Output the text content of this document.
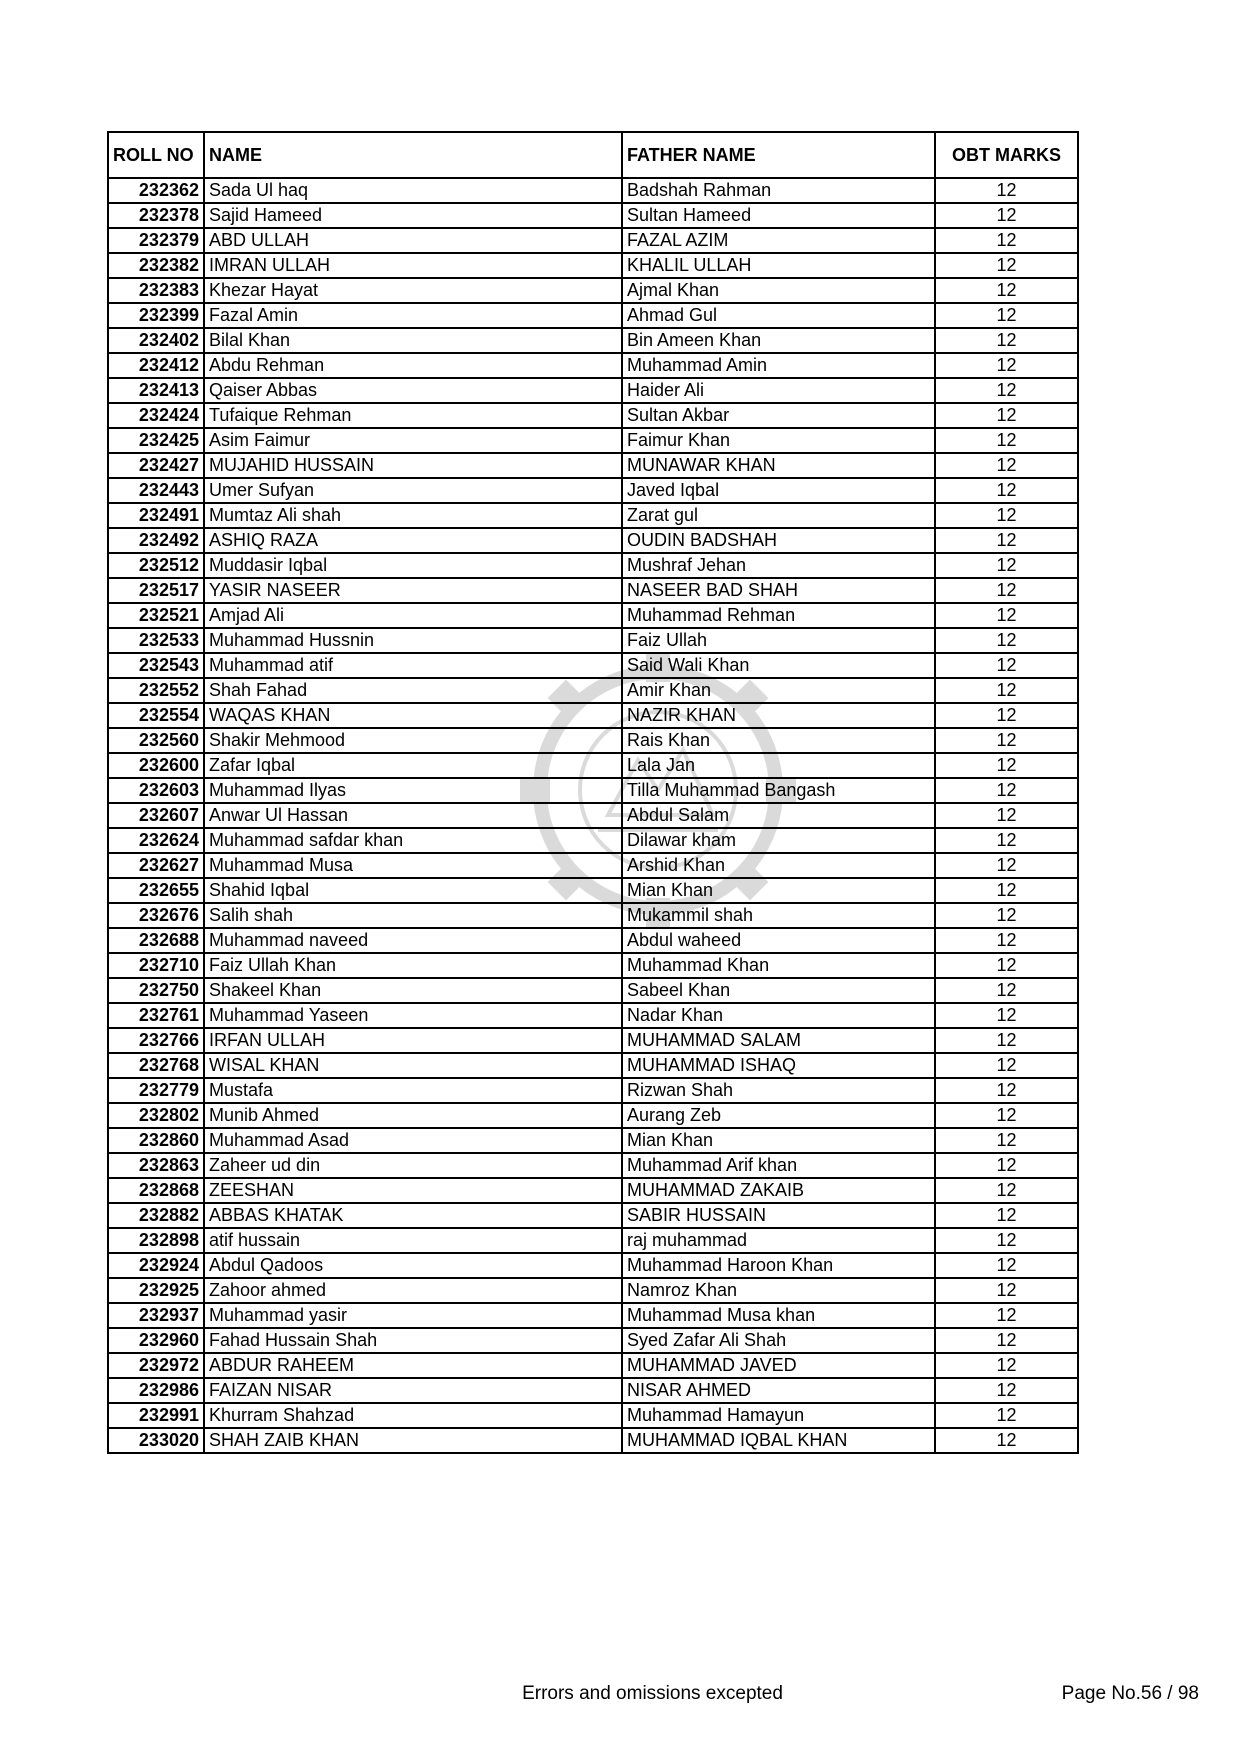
ROLL NO	NAME	FATHER NAME	OBT MARKS
232362	Sada Ul haq	Badshah Rahman	12
232378	Sajid Hameed	Sultan Hameed	12
232379	ABD ULLAH	FAZAL AZIM	12
232382	IMRAN ULLAH	KHALIL ULLAH	12
232383	Khezar Hayat	Ajmal Khan	12
232399	Fazal Amin	Ahmad Gul	12
232402	Bilal Khan	Bin Ameen Khan	12
232412	Abdu Rehman	Muhammad Amin	12
232413	Qaiser Abbas	Haider Ali	12
232424	Tufaique Rehman	Sultan Akbar	12
232425	Asim Faimur	Faimur Khan	12
232427	MUJAHID HUSSAIN	MUNAWAR KHAN	12
232443	Umer Sufyan	Javed Iqbal	12
232491	Mumtaz Ali shah	Zarat gul	12
232492	ASHIQ RAZA	OUDIN BADSHAH	12
232512	Muddasir Iqbal	Mushraf Jehan	12
232517	YASIR NASEER	NASEER BAD SHAH	12
232521	Amjad Ali	Muhammad Rehman	12
232533	Muhammad Hussnin	Faiz Ullah	12
232543	Muhammad atif	Said Wali Khan	12
232552	Shah Fahad	Amir Khan	12
232554	WAQAS KHAN	NAZIR KHAN	12
232560	Shakir Mehmood	Rais Khan	12
232600	Zafar Iqbal	Lala Jan	12
232603	Muhammad Ilyas	Tilla Muhammad Bangash	12
232607	Anwar Ul Hassan	Abdul Salam	12
232624	Muhammad safdar khan	Dilawar kham	12
232627	Muhammad Musa	Arshid Khan	12
232655	Shahid Iqbal	Mian Khan	12
232676	Salih shah	Mukammil shah	12
232688	Muhammad naveed	Abdul waheed	12
232710	Faiz Ullah Khan	Muhammad Khan	12
232750	Shakeel Khan	Sabeel Khan	12
232761	Muhammad Yaseen	Nadar Khan	12
232766	IRFAN ULLAH	MUHAMMAD SALAM	12
232768	WISAL KHAN	MUHAMMAD ISHAQ	12
232779	Mustafa	Rizwan Shah	12
232802	Munib Ahmed	Aurang Zeb	12
232860	Muhammad Asad	Mian Khan	12
232863	Zaheer ud din	Muhammad Arif khan	12
232868	ZEESHAN	MUHAMMAD ZAKAIB	12
232882	ABBAS KHATAK	SABIR HUSSAIN	12
232898	atif hussain	raj muhammad	12
232924	Abdul Qadoos	Muhammad Haroon Khan	12
232925	Zahoor ahmed	Namroz Khan	12
232937	Muhammad yasir	Muhammad Musa khan	12
232960	Fahad Hussain Shah	Syed Zafar Ali Shah	12
232972	ABDUR RAHEEM	MUHAMMAD JAVED	12
232986	FAIZAN NISAR	NISAR AHMED	12
232991	Khurram Shahzad	Muhammad Hamayun	12
233020	SHAH ZAIB KHAN	MUHAMMAD IQBAL KHAN	12
Errors and omissions excepted	Page No.56 / 98
